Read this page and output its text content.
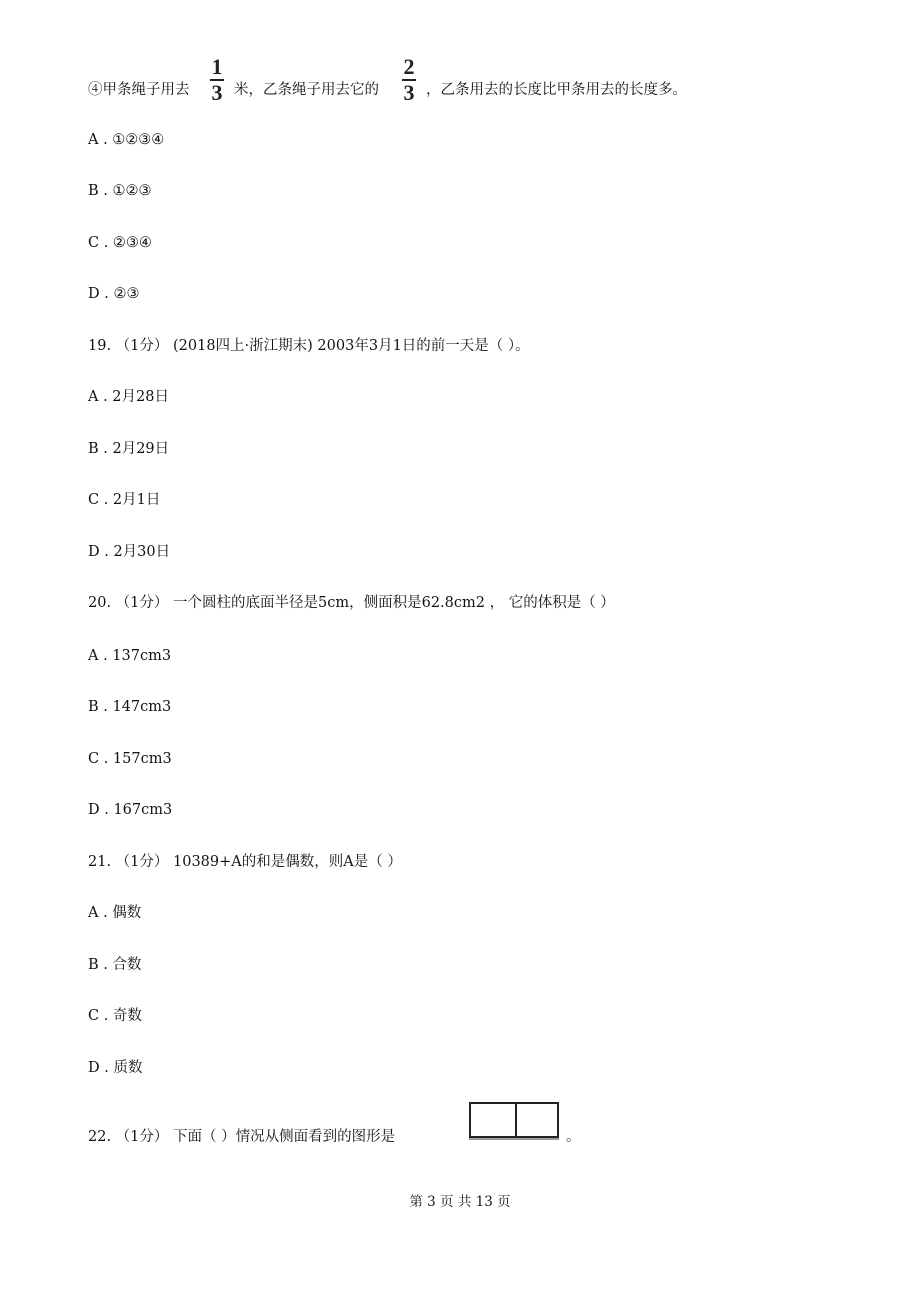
④甲条绳子用去
1
3 米，乙条绳子用去它的
2
3 ，乙条用去的长度比甲条用去的长度多。
A . ①②③④
B . ①②③
C . ②③④
D . ②③
19. （1分） (2018四上·浙江期末) 2003年3月1日的前一天是（ ）。
A . 2月28日
B . 2月29日
C . 2月1日
D . 2月30日
20. （1分） 一个圆柱的底面半径是5cm，侧面积是62.8cm2 ， 它的体积是（ ）
A . 137cm3
B . 147cm3
C . 157cm3
D . 167cm3
21. （1分） 10389+A的和是偶数，则A是（ ）
A . 偶数
B . 合数
C . 奇数
D . 质数
22. （1分） 下面（ ）情况从侧面看到的图形是	。
第 3 页 共 13 页
